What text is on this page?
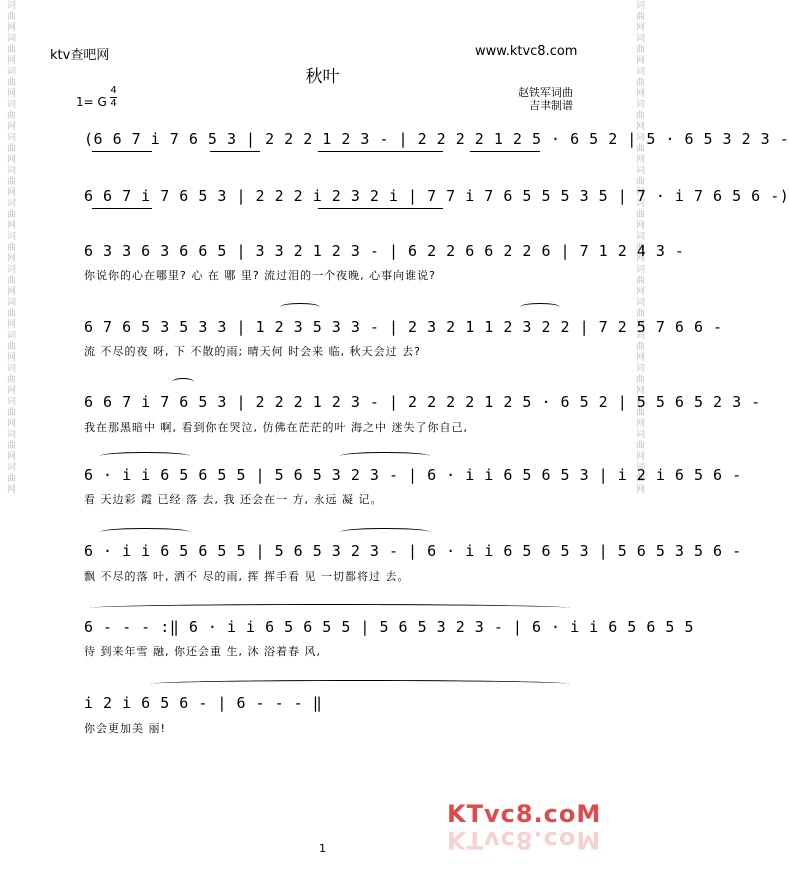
词曲网词曲网词曲网词曲网词曲网词曲网词曲网词曲网词曲网词曲网词曲网词曲网词曲网词曲网词曲网	词曲网词曲网词曲网词曲网词曲网词曲网词曲网词曲网词曲网词曲网词曲网词曲网词曲网词曲网词曲网
ktv查吧网	www.ktvc8.com
秋叶
赵铁军词曲
吉聿制谱
1= G
4
4
(6 6 7 i 7 6 5 3 | 2 2 2 1 2 3 - | 2 2 2 2 1 2 5 · 6 5 2 | 5 · 6 5 3 2 3 -
6 6 7 i 7 6 5 3 | 2 2 2 i 2 3 2 i | 7 7 i 7 6 5 5 5 3 5 | 7 · i 7 6 5 6 -)
6 3 3 6 3 6 6 5 | 3 3 2 1 2 3 - | 6 2 2 6 6 2 2 6 | 7 1 2 4 3 -
你说你的心在哪里? 心 在 哪 里? 流过泪的一个夜晚, 心事向谁说?
6 7 6 5 3 5 3 3 | 1 2 3 5 3 3 - | 2 3 2 1 1 2 3 2 2 | 7 2 5 7 6 6 -
流 不尽的夜 呀, 下 不散的雨; 晴天何 时会来 临, 秋天会过 去?
6 6 7 i 7 6 5 3 | 2 2 2 1 2 3 - | 2 2 2 2 1 2 5 · 6 5 2 | 5 5 6 5 2 3 -
我在那黑暗中 啊, 看到你在哭泣, 仿佛在茫茫的叶 海之中 迷失了你自己,
6 · i i 6 5 6 5 5 | 5 6 5 3 2 3 - | 6 · i i 6 5 6 5 3 | i 2 i 6 5 6 -
看 天边彩 霞 已经 落 去, 我 还会在一 方, 永远 凝 记。
6 · i i 6 5 6 5 5 | 5 6 5 3 2 3 - | 6 · i i 6 5 6 5 3 | 5 6 5 3 5 6 -
飘 不尽的落 叶, 洒不 尽的雨, 挥 挥手看 见 一切都将过 去。
6 - - - :‖ 6 · i i 6 5 6 5 5 | 5 6 5 3 2 3 - | 6 · i i 6 5 6 5 5
待 到来年雪 融, 你还会重 生, 沐 浴着春 风,
i 2 i 6 5 6 - | 6 - - - ‖
你会更加美 丽!
KTvc8.coM
KTvc8.coM
1
